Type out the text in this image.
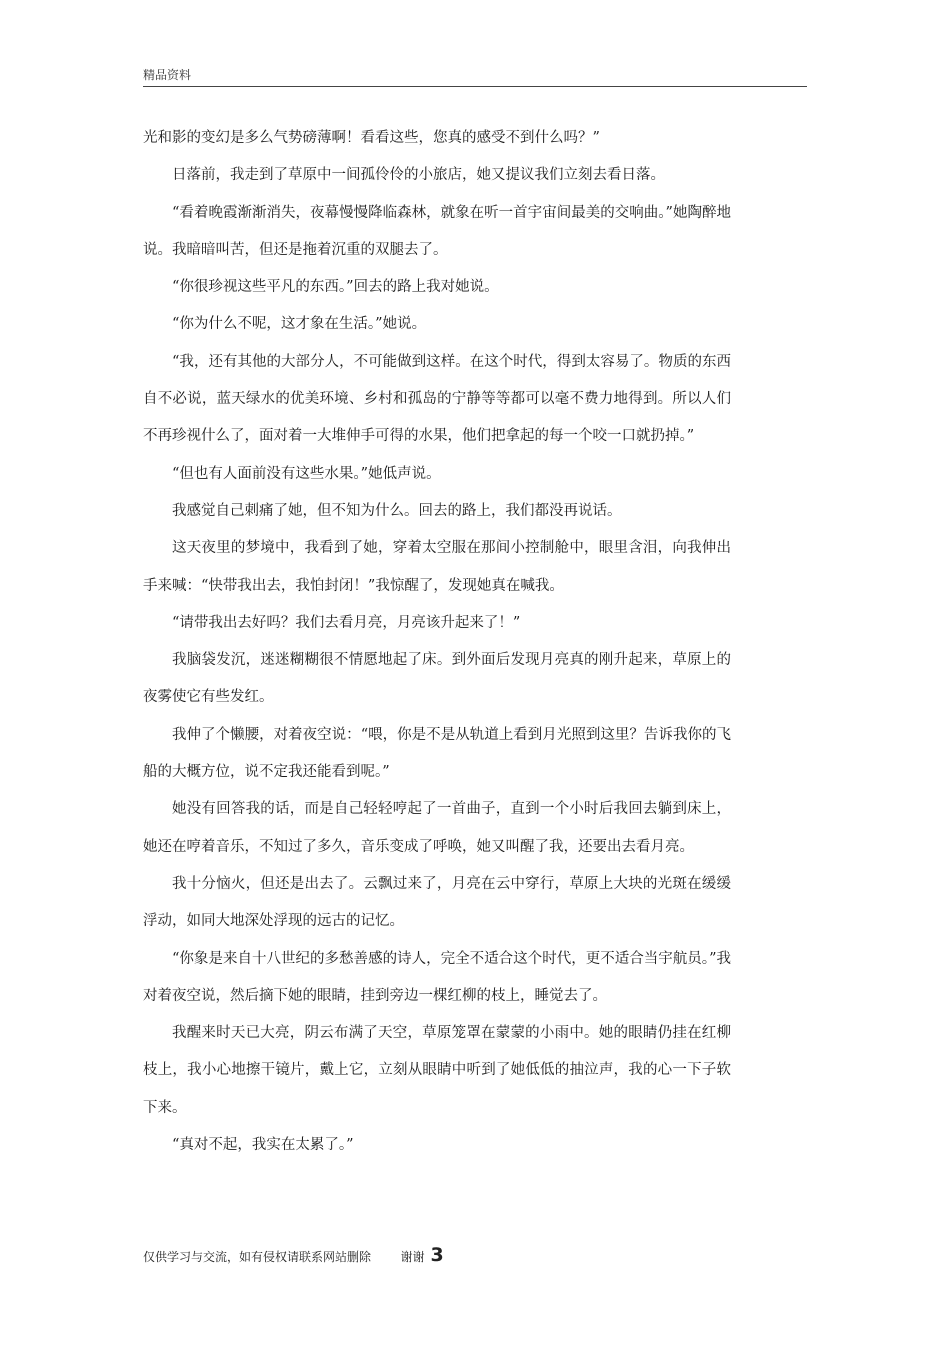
精品资料

光和影的变幻是多么气势磅薄啊！看看这些，您真的感受不到什么吗？”

日落前，我走到了草原中一间孤伶伶的小旅店，她又提议我们立刻去看日落。

“看着晚霞渐渐消失，夜幕慢慢降临森林，就象在听一首宇宙间最美的交响曲。”她陶醉地说。我暗暗叫苦，但还是拖着沉重的双腿去了。

“你很珍视这些平凡的东西。”回去的路上我对她说。

“你为什么不呢，这才象在生活。”她说。

“我，还有其他的大部分人，不可能做到这样。在这个时代，得到太容易了。物质的东西自不必说，蓝天绿水的优美环境、乡村和孤岛的宁静等等都可以毫不费力地得到。所以人们不再珍视什么了，面对着一大堆伸手可得的水果，他们把拿起的每一个咬一口就扔掉。”

“但也有人面前没有这些水果。”她低声说。

我感觉自己刺痛了她，但不知为什么。回去的路上，我们都没再说话。

这天夜里的梦境中，我看到了她，穿着太空服在那间小控制舱中，眼里含泪，向我伸出手来喊：“快带我出去，我怕封闭！”我惊醒了，发现她真在喊我。

“请带我出去好吗？我们去看月亮，月亮该升起来了！”

我脑袋发沉，迷迷糊糊很不情愿地起了床。到外面后发现月亮真的刚升起来，草原上的夜雾使它有些发红。

我伸了个懒腰，对着夜空说：“喂，你是不是从轨道上看到月光照到这里？告诉我你的飞船的大概方位，说不定我还能看到呢。”

她没有回答我的话，而是自己轻轻哼起了一首曲子，直到一个小时后我回去躺到床上，她还在哼着音乐，不知过了多久，音乐变成了呼唤，她又叫醒了我，还要出去看月亮。

我十分恼火，但还是出去了。云飘过来了，月亮在云中穿行，草原上大块的光斑在缓缓浮动，如同大地深处浮现的远古的记忆。

“你象是来自十八世纪的多愁善感的诗人，完全不适合这个时代，更不适合当宇航员。”我对着夜空说，然后摘下她的眼睛，挂到旁边一棵红柳的枝上，睡觉去了。

我醒来时天已大亮，阴云布满了天空，草原笼罩在蒙蒙的小雨中。她的眼睛仍挂在红柳枝上，我小心地擦干镜片，戴上它，立刻从眼睛中听到了她低低的抽泣声，我的心一下子软下来。

“真对不起，我实在太累了。”

仅供学习与交流，如有侵权请联系网站删除 谢谢 3
